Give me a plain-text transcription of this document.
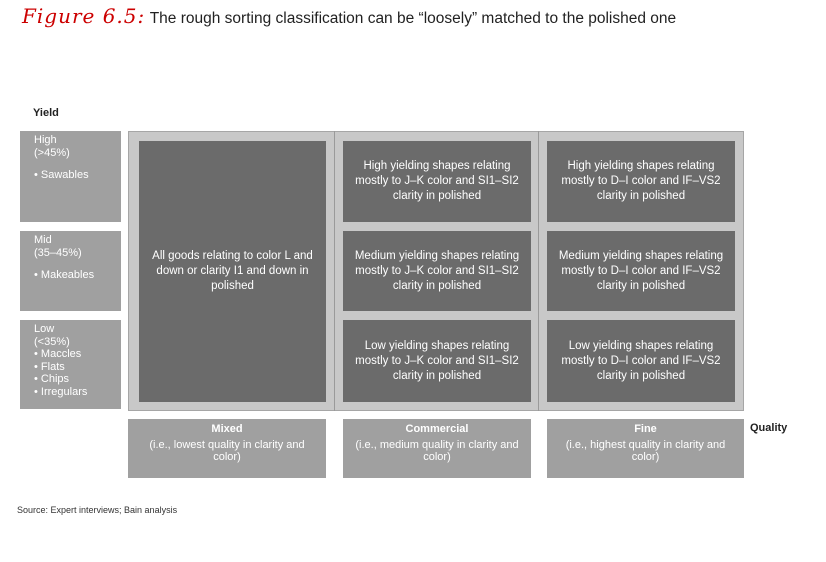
Figure 6.5: The rough sorting classification can be “loosely” matched to the polished one
Yield
High
(>45%)
• Sawables
Mid
(35–45%)
• Makeables
Low
(<35%)
• Maccles
• Flats
• Chips
• Irregulars
All goods relating to color L and down or clarity I1 and down in polished
High yielding shapes relating mostly to J–K color and SI1–SI2 clarity in polished
Medium yielding shapes relating mostly to J–K color and SI1–SI2 clarity in polished
Low yielding shapes relating mostly to J–K color and SI1–SI2 clarity in polished
High yielding shapes relating mostly to D–I color and IF–VS2 clarity in polished
Medium yielding shapes relating mostly to D–I color and IF–VS2 clarity in polished
Low yielding shapes relating mostly to D–I color and IF–VS2 clarity in polished
Mixed
(i.e., lowest quality in clarity and color)
Commercial
(i.e., medium quality in clarity and color)
Fine
(i.e., highest quality in clarity and color)
Quality
Source: Expert interviews; Bain analysis
